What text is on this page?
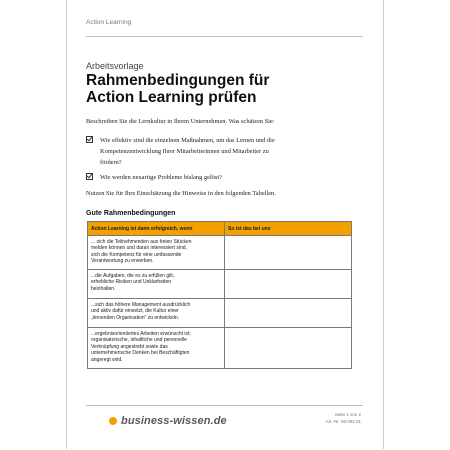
Action Learning
Arbeitsvorlage
Rahmenbedingungen für
Action Learning prüfen
Beschreiben Sie die Lernkultur in Ihrem Unternehmen. Was schätzen Sie:
Wie effektiv sind die einzelnen Maßnahmen, um das Lernen und die
Kompetenzentwicklung Ihrer Mitarbeiterinnen und Mitarbeiter zu
fördern?
Wie werden neuartige Probleme bislang gelöst?
Nutzen Sie für Ihre Einschätzung die Hinweise in den folgenden Tabellen.
Gute Rahmenbedingungen
Action Learning ist dann erfolgreich, wenn	So ist das bei uns

... sich die Teilnehmenden aus freien Stücken
melden können und daran interessiert sind,
sich die Kompetenz für eine umfassende
Verantwortung zu erwerben.	

...die Aufgaben, die es zu erfüllen gilt,
erhebliche Risiken und Unklarheiten
beinhalten.	

...sich das höhere Management ausdrücklich
und aktiv dafür einsetzt, die Kultur einer
„lernenden Organisation“ zu entwickeln.	

...ergebnisorientiertes Arbeiten erwünscht ist;
organisatorische, inhaltliche und personelle
Verknüpfung angestrebt sowie das
unternehmerische Denken bei Beschäftigten
angeregt wird.	

business-wissen.de
Seite 1 von 2
Art.-Nr. 99.092.01
